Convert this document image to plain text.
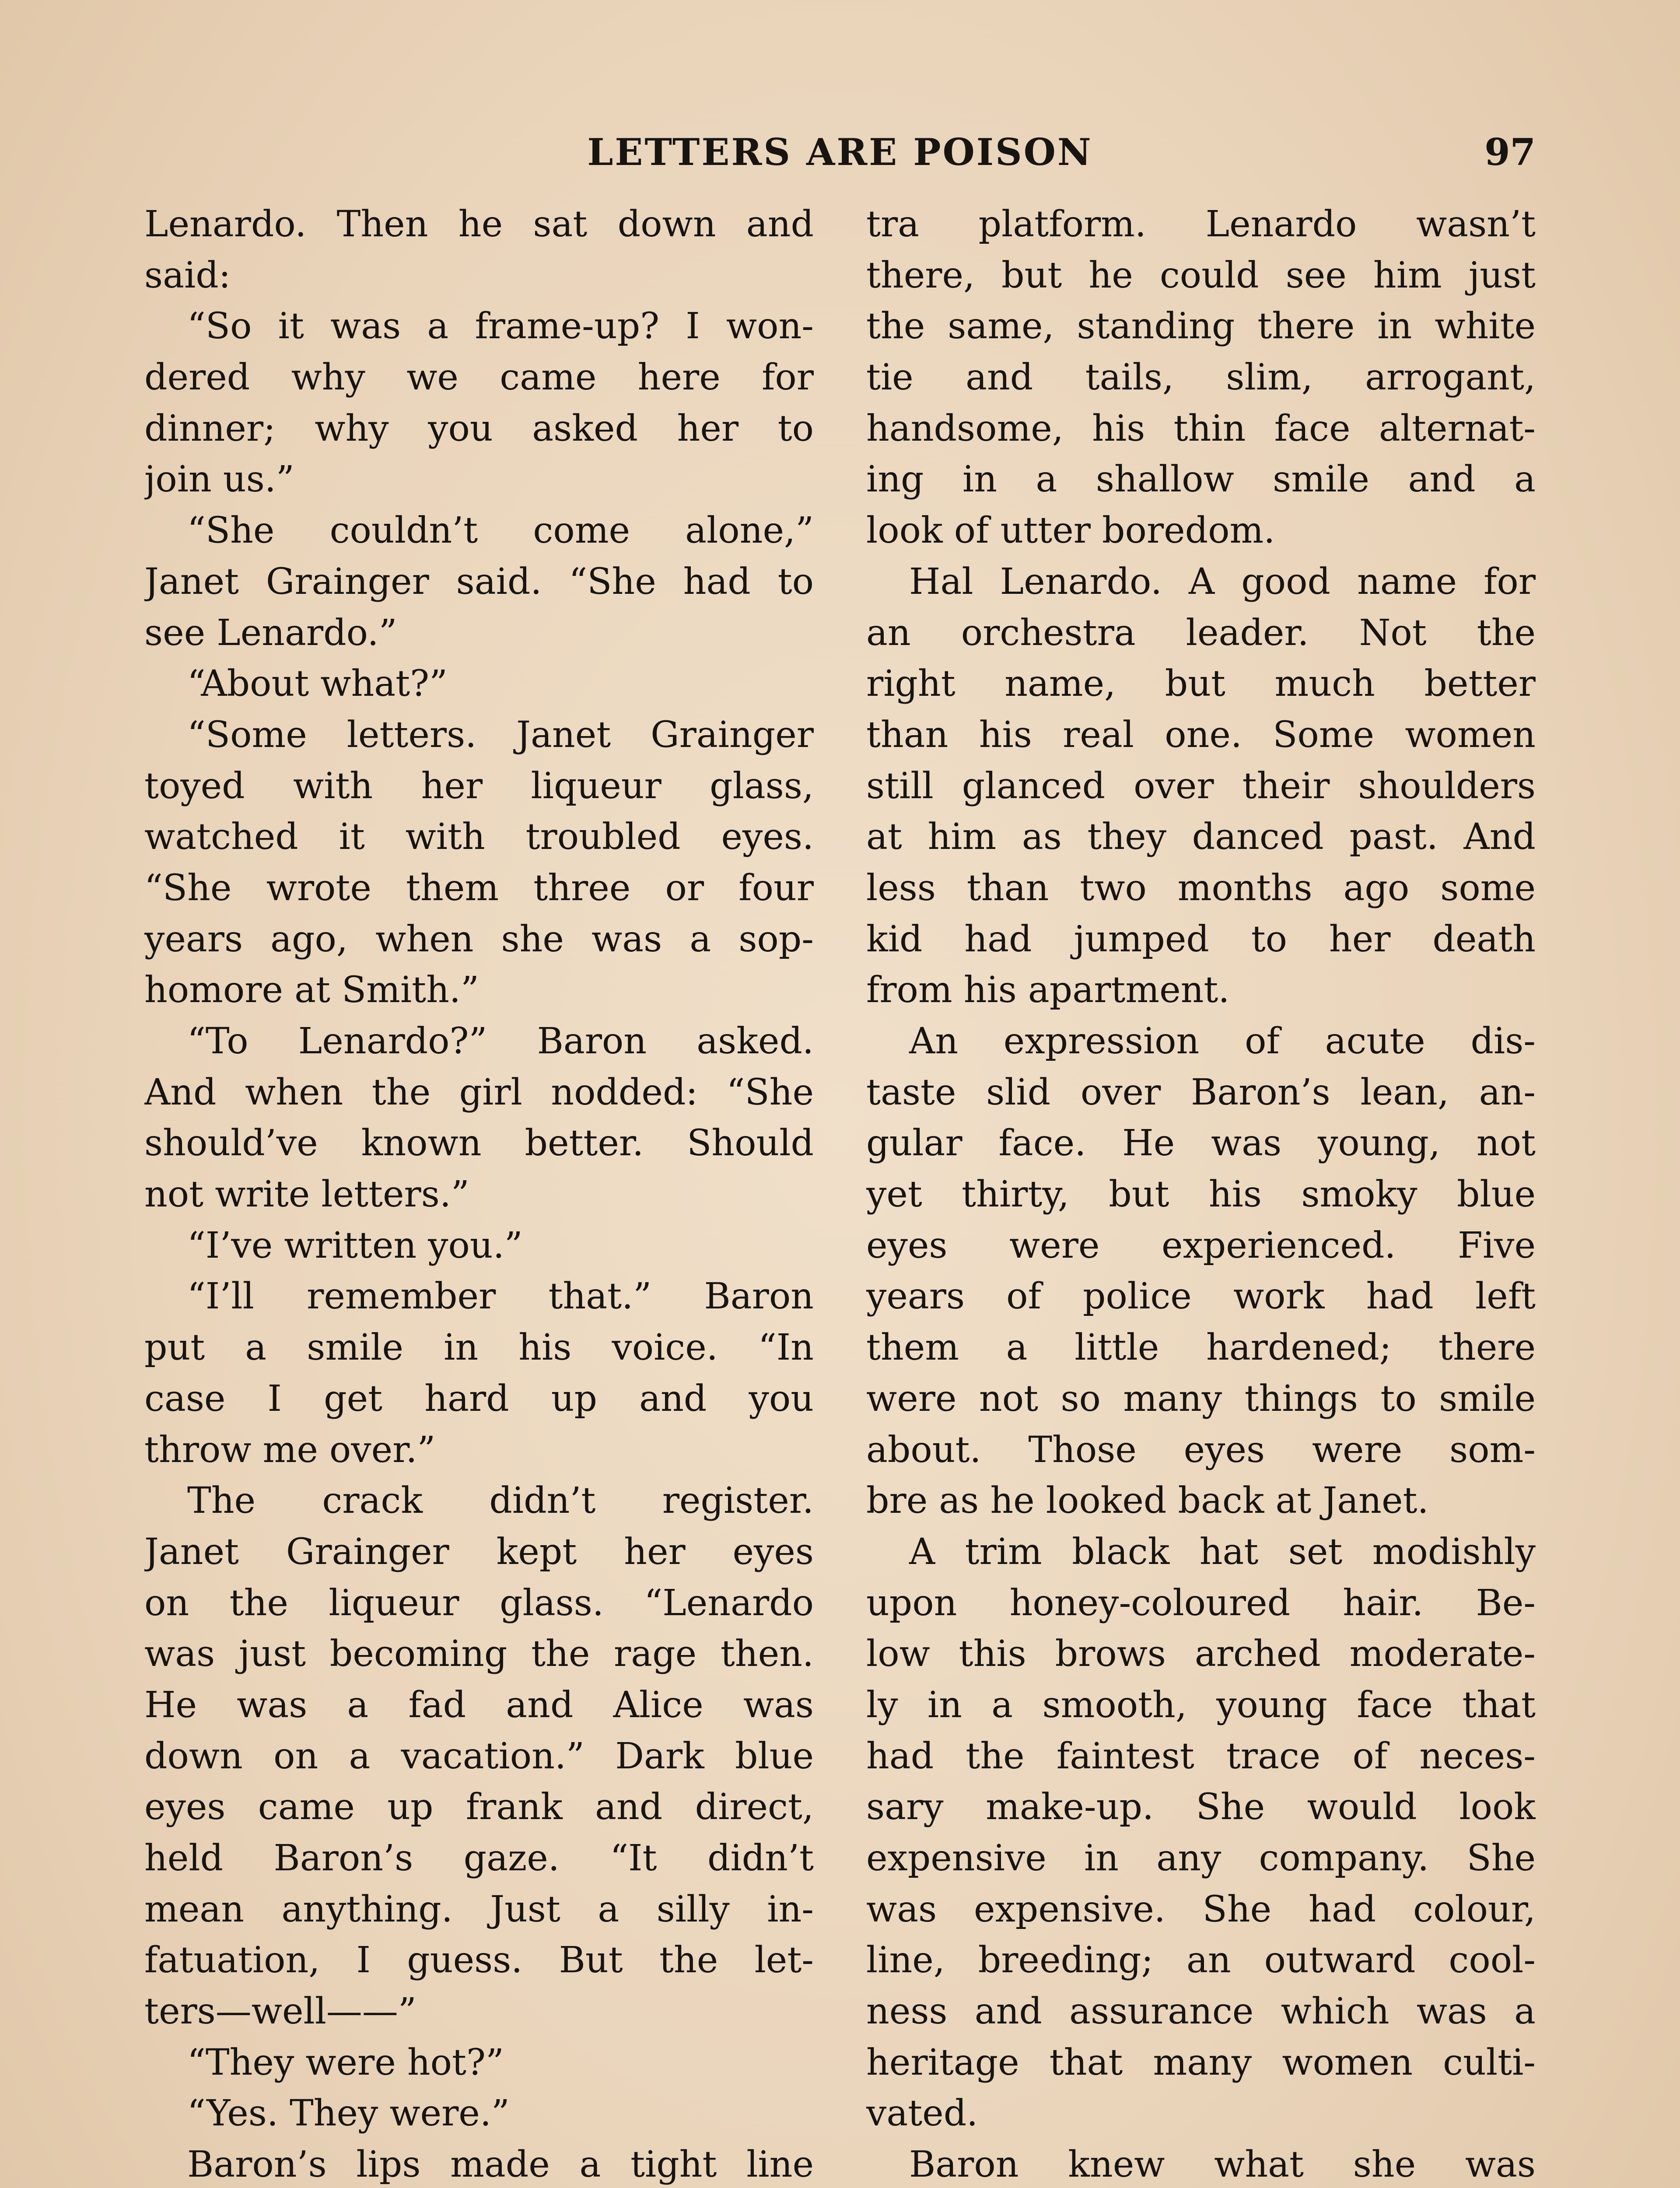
LETTERS ARE POISON	97
Lenardo. Then he sat down and
said:
“So it was a frame-up? I won-
dered why we came here for
dinner; why you asked her to
join us.”
“She couldn’t come alone,”
Janet Grainger said. “She had to
see Lenardo.”
“About what?”
“Some letters. Janet Grainger
toyed with her liqueur glass,
watched it with troubled eyes.
“She wrote them three or four
years ago, when she was a sop-
homore at Smith.”
“To Lenardo?” Baron asked.
And when the girl nodded: “She
should’ve known better. Should
not write letters.”
“I’ve written you.”
“I’ll remember that.” Baron
put a smile in his voice. “In
case I get hard up and you
throw me over.”
The crack didn’t register.
Janet Grainger kept her eyes
on the liqueur glass. “Lenardo
was just becoming the rage then.
He was a fad and Alice was
down on a vacation.” Dark blue
eyes came up frank and direct,
held Baron’s gaze. “It didn’t
mean anything. Just a silly in-
fatuation, I guess. But the let-
ters—well——”
“They were hot?”
“Yes. They were.”
Baron’s lips made a tight line
tra platform. Lenardo wasn’t
there, but he could see him just
the same, standing there in white
tie and tails, slim, arrogant,
handsome, his thin face alternat-
ing in a shallow smile and a
look of utter boredom.
Hal Lenardo. A good name for
an orchestra leader. Not the
right name, but much better
than his real one. Some women
still glanced over their shoulders
at him as they danced past. And
less than two months ago some
kid had jumped to her death
from his apartment.
An expression of acute dis-
taste slid over Baron’s lean, an-
gular face. He was young, not
yet thirty, but his smoky blue
eyes were experienced. Five
years of police work had left
them a little hardened; there
were not so many things to smile
about. Those eyes were som-
bre as he looked back at Janet.
A trim black hat set modishly
upon honey-coloured hair. Be-
low this brows arched moderate-
ly in a smooth, young face that
had the faintest trace of neces-
sary make-up. She would look
expensive in any company. She
was expensive. She had colour,
line, breeding; an outward cool-
ness and assurance which was a
heritage that many women culti-
vated.
Baron knew what she was
